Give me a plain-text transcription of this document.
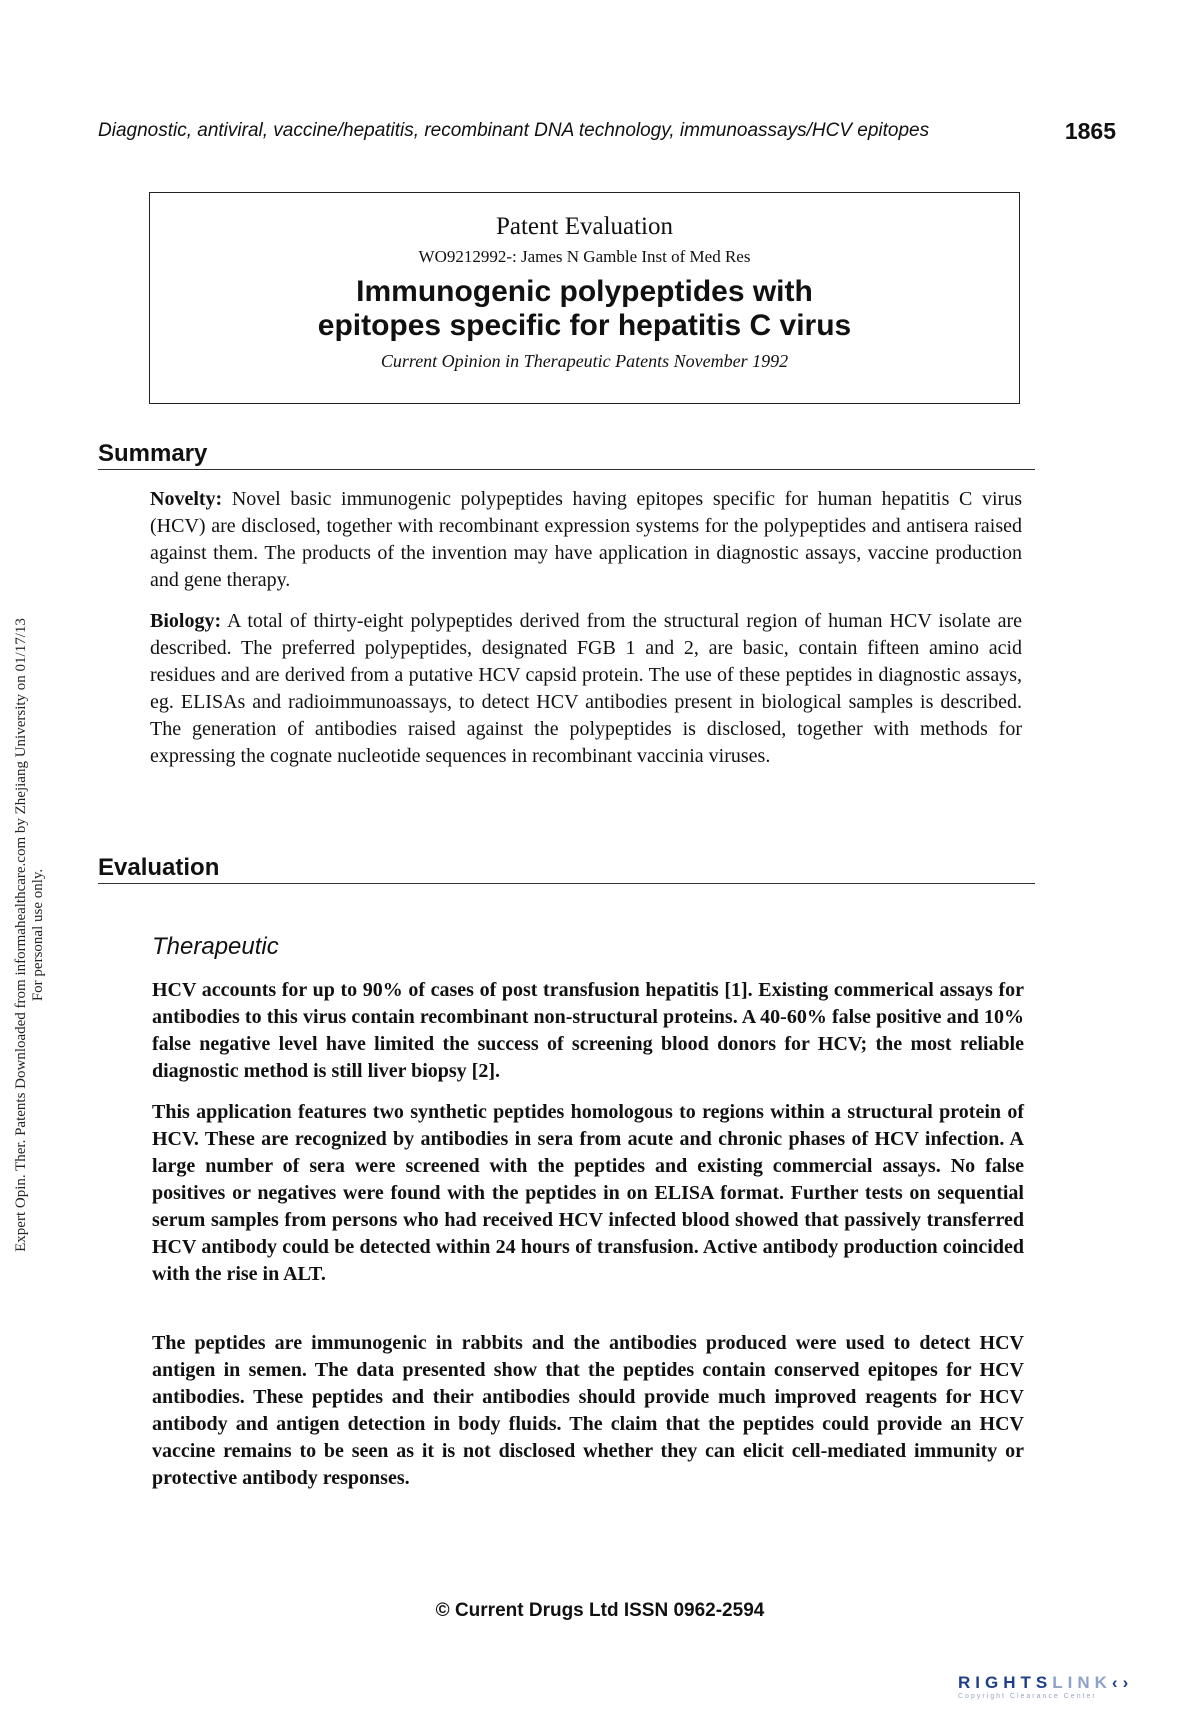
Expert Opin. Ther. Patents Downloaded from informahealthcare.com by Zhejiang University on 01/17/13 For personal use only.
Diagnostic, antiviral, vaccine/hepatitis, recombinant DNA technology, immunoassays/HCV epitopes	1865
Patent Evaluation
WO9212992-: James N Gamble Inst of Med Res
Immunogenic polypeptides with
epitopes specific for hepatitis C virus
Current Opinion in Therapeutic Patents November 1992
Summary

Novelty: Novel basic immunogenic polypeptides having epitopes specific for human hepatitis C virus (HCV) are disclosed, together with recombinant expression systems for the polypeptides and antisera raised against them. The products of the invention may have application in diagnostic assays, vaccine production and gene therapy.

Biology: A total of thirty-eight polypeptides derived from the structural region of human HCV isolate are described. The preferred polypeptides, designated FGB 1 and 2, are basic, contain fifteen amino acid residues and are derived from a putative HCV capsid protein. The use of these peptides in diagnostic assays, eg. ELISAs and radioimmunoassays, to detect HCV antibodies present in biological samples is described. The generation of antibodies raised against the polypeptides is disclosed, together with methods for expressing the cognate nucleotide sequences in recombinant vaccinia viruses.

Evaluation
Therapeutic

HCV accounts for up to 90% of cases of post transfusion hepatitis [1]. Existing commerical assays for antibodies to this virus contain recombinant non-structural proteins. A 40-60% false positive and 10% false negative level have limited the success of screening blood donors for HCV; the most reliable diagnostic method is still liver biopsy [2].

This application features two synthetic peptides homologous to regions within a structural protein of HCV. These are recognized by antibodies in sera from acute and chronic phases of HCV infection. A large number of sera were screened with the peptides and existing commercial assays. No false positives or negatives were found with the peptides in on ELISA format. Further tests on sequential serum samples from persons who had received HCV infected blood showed that passively transferred HCV antibody could be detected within 24 hours of transfusion. Active antibody production coincided with the rise in ALT.

The peptides are immunogenic in rabbits and the antibodies produced were used to detect HCV antigen in semen. The data presented show that the peptides contain conserved epitopes for HCV antibodies. These peptides and their antibodies should provide much improved reagents for HCV antibody and antigen detection in body fluids. The claim that the peptides could provide an HCV vaccine remains to be seen as it is not disclosed whether they can elicit cell-mediated immunity or protective antibody responses.

© Current Drugs Ltd ISSN 0962-2594
RIGHTSLINK‹›
Copyright Clearance Center
